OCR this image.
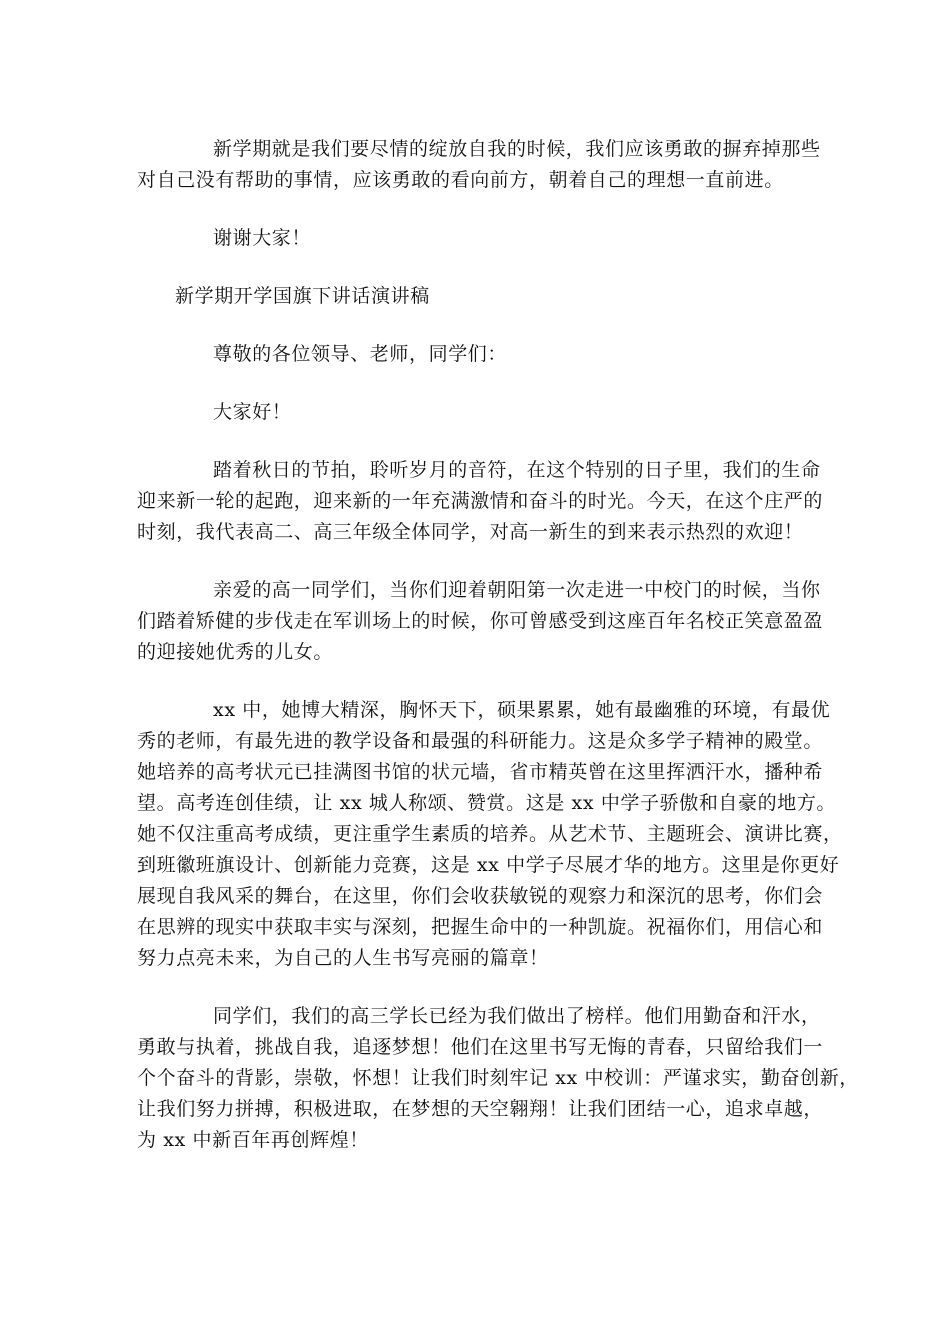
新学期就是我们要尽情的绽放自我的时候，我们应该勇敢的摒弃掉那些
对自己没有帮助的事情，应该勇敢的看向前方，朝着自己的理想一直前进。
谢谢大家！
新学期开学国旗下讲话演讲稿
尊敬的各位领导、老师，同学们：
大家好！
踏着秋日的节拍，聆听岁月的音符，在这个特别的日子里，我们的生命
迎来新一轮的起跑，迎来新的一年充满激情和奋斗的时光。今天，在这个庄严的
时刻，我代表高二、高三年级全体同学，对高一新生的到来表示热烈的欢迎！
亲爱的高一同学们，当你们迎着朝阳第一次走进一中校门的时候，当你
们踏着矫健的步伐走在军训场上的时候，你可曾感受到这座百年名校正笑意盈盈
的迎接她优秀的儿女。
xx 中，她博大精深，胸怀天下，硕果累累，她有最幽雅的环境，有最优
秀的老师，有最先进的教学设备和最强的科研能力。这是众多学子精神的殿堂。
她培养的高考状元已挂满图书馆的状元墙，省市精英曾在这里挥洒汗水，播种希
望。高考连创佳绩，让 xx 城人称颂、赞赏。这是 xx 中学子骄傲和自豪的地方。
她不仅注重高考成绩，更注重学生素质的培养。从艺术节、主题班会、演讲比赛，
到班徽班旗设计、创新能力竞赛，这是 xx 中学子尽展才华的地方。这里是你更好
展现自我风采的舞台，在这里，你们会收获敏锐的观察力和深沉的思考，你们会
在思辨的现实中获取丰实与深刻，把握生命中的一种凯旋。祝福你们，用信心和
努力点亮未来，为自己的人生书写亮丽的篇章！
同学们，我们的高三学长已经为我们做出了榜样。他们用勤奋和汗水，
勇敢与执着，挑战自我，追逐梦想！他们在这里书写无悔的青春，只留给我们一
个个奋斗的背影，崇敬，怀想！让我们时刻牢记 xx 中校训：严谨求实，勤奋创新，
让我们努力拼搏，积极进取，在梦想的天空翱翔！让我们团结一心，追求卓越，
为 xx 中新百年再创辉煌！
